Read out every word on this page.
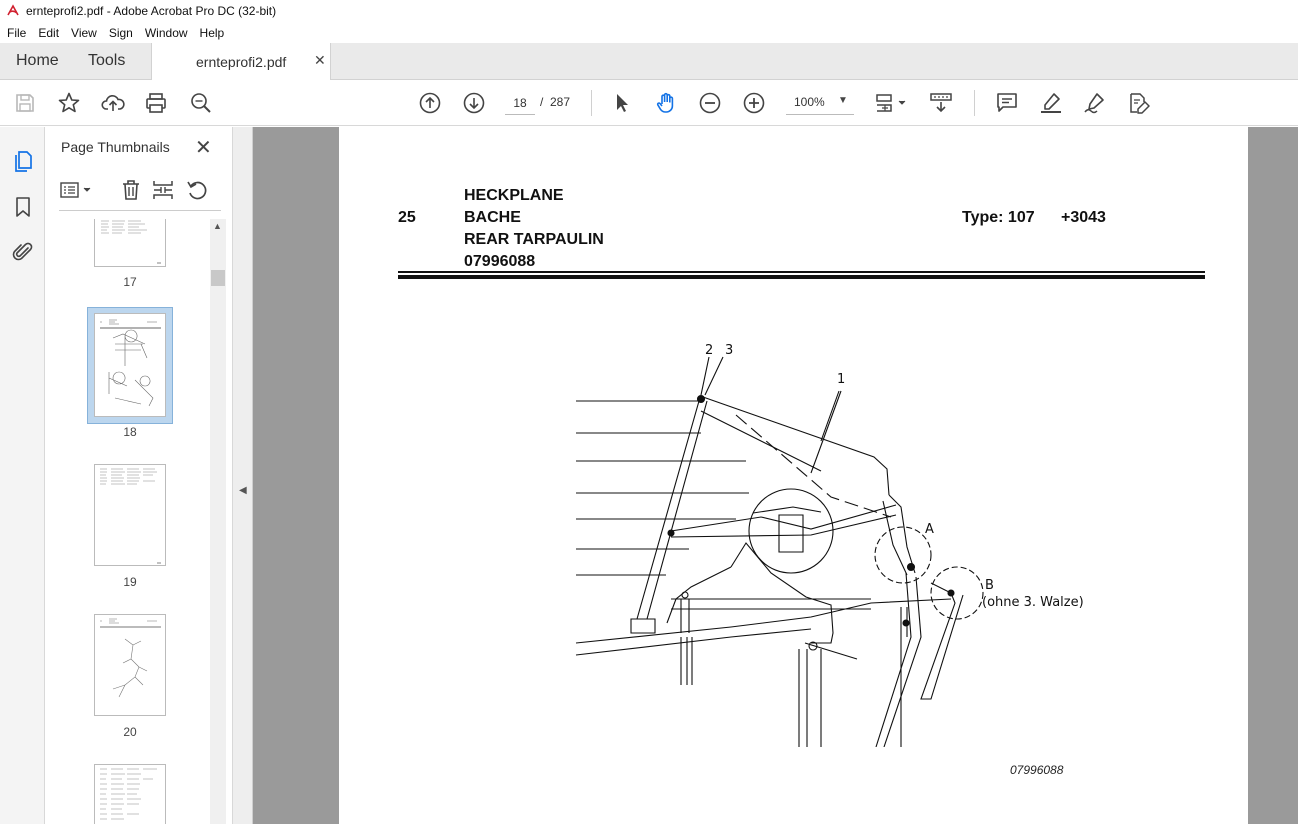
ernteprofi2.pdf - Adobe Acrobat Pro DC (32-bit)
File	Edit	View	Sign	Window	Help
Home	Tools	ernteprofi2.pdf ✕
18
/ 287	100% ▼
Page Thumbnails ✕
17
18
19
20
▲
◀
25
HECKPLANE
BACHE
REAR TARPAULIN
07996088
Type: 107 +3043
2 3
1
A
B
(ohne 3. Walze)
07996088
